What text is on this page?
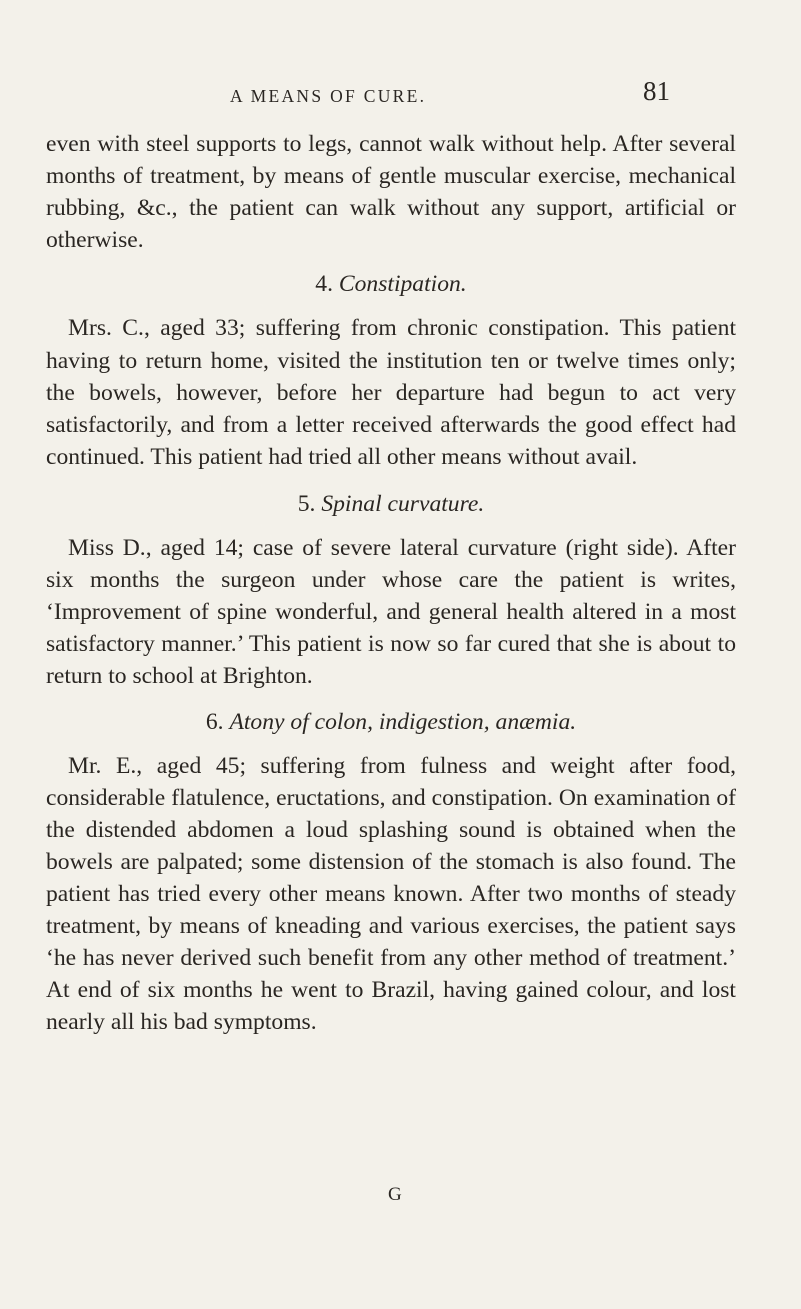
A MEANS OF CURE.	81

even with steel supports to legs, cannot walk without help. After several months of treatment, by means of gentle muscular exercise, mechanical rubbing, &c., the patient can walk without any support, artificial or otherwise.

4. Constipation.

Mrs. C., aged 33; suffering from chronic constipation. This patient having to return home, visited the institution ten or twelve times only; the bowels, however, before her departure had begun to act very satisfactorily, and from a letter received afterwards the good effect had continued. This patient had tried all other means without avail.

5. Spinal curvature.

Miss D., aged 14; case of severe lateral curvature (right side). After six months the surgeon under whose care the patient is writes, ‘Improvement of spine wonderful, and general health altered in a most satisfactory manner.’ This patient is now so far cured that she is about to return to school at Brighton.

6. Atony of colon, indigestion, anæmia.

Mr. E., aged 45; suffering from fulness and weight after food, considerable flatulence, eructations, and constipation. On examination of the distended abdomen a loud splashing sound is obtained when the bowels are palpated; some distension of the stomach is also found. The patient has tried every other means known. After two months of steady treatment, by means of kneading and various exercises, the patient says ‘he has never derived such benefit from any other method of treatment.’ At end of six months he went to Brazil, having gained colour, and lost nearly all his bad symptoms.

G
